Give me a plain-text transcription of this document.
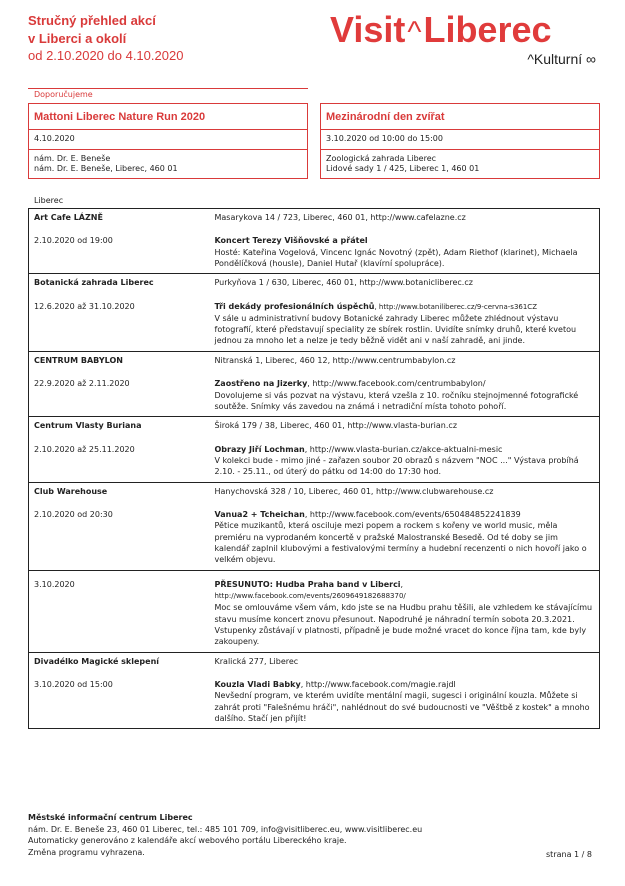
Stručný přehled akcí
v Liberci a okolí
od 2.10.2020 do 4.10.2020
Visit^Liberec
^Kulturní ∞
Doporučujeme
Mattoni Liberec Nature Run 2020
4.10.2020
nám. Dr. E. Beneše
nám. Dr. E. Beneše, Liberec, 460 01
Mezinárodní den zvířat
3.10.2020 od 10:00 do 15:00
Zoologická zahrada Liberec
Lidové sady 1 / 425, Liberec 1, 460 01
Liberec
Art Cafe LÁZNĚ	Masarykova 14 / 723, Liberec, 460 01, http://www.cafelazne.cz
2.10.2020 od 19:00	Koncert Terezy Višňovské a přátel
Hosté: Kateřina Vogelová, Vincenc Ignác Novotný (zpět), Adam Riethof (klarinet), Michaela Pondělíčková (housle), Daniel Hutař (klavírní spolupráce).
Botanická zahrada Liberec	Purkyňova 1 / 630, Liberec, 460 01, http://www.botanicliberec.cz
12.6.2020 až 31.10.2020	Tři dekády profesionálních úspěchů, http://www.botaniliberec.cz/9-cervna-s361CZ
V sále u administrativní budovy Botanické zahrady Liberec můžete zhlédnout výstavu fotografií, které představují speciality ze sbírek rostlin. Uvidíte snímky druhů, které kvetou jednou za mnoho let a nelze je tedy běžně vidět ani v naší zahradě, ani jinde.
CENTRUM BABYLON	Nitranská 1, Liberec, 460 12, http://www.centrumbabylon.cz
22.9.2020 až 2.11.2020	Zaostřeno na Jizerky, http://www.facebook.com/centrumbabylon/
Dovolujeme si vás pozvat na výstavu, která vzešla z 10. ročníku stejnojmenné fotografické soutěže. Snímky vás zavedou na známá i netradiční místa tohoto pohoří.
Centrum Vlasty Buriana	Široká 179 / 38, Liberec, 460 01, http://www.vlasta-burian.cz
2.10.2020 až 25.11.2020	Obrazy Jiří Lochman, http://www.vlasta-burian.cz/akce-aktualni-mesic
V kolekci bude - mimo jiné - zařazen soubor 20 obrazů s názvem "NOC ..." Výstava probíhá 2.10. - 25.11., od úterý do pátku od 14:00 do 17:30 hod.
Club Warehouse	Hanychovská 328 / 10, Liberec, 460 01, http://www.clubwarehouse.cz
2.10.2020 od 20:30	Vanua2 + Tcheichan, http://www.facebook.com/events/650484852241839
Pětice muzikantů, která osciluje mezi popem a rockem s kořeny ve world music, měla premiéru na vyprodaném koncertě v pražské Malostranské Besedě. Od té doby se jim kalendář zaplnil klubovými a festivalovými termíny a hudební recenzenti o nich hovoří jako o velkém objevu.
3.10.2020	PŘESUNUTO: Hudba Praha band v Liberci,
http://www.facebook.com/events/2609649182688370/
Moc se omlouváme všem vám, kdo jste se na Hudbu prahu těšili, ale vzhledem ke stávajícímu stavu musíme koncert znovu přesunout. Napodruhé je náhradní termín sobota 20.3.2021. Vstupenky zůstávají v platnosti, případně je bude možné vracet do konce října tam, kde byly zakoupeny.
Divadélko Magické sklepení	Kralická 277, Liberec
3.10.2020 od 15:00	Kouzla Vladi Babky, http://www.facebook.com/magie.rajdl
Nevšední program, ve kterém uvidíte mentální magii, sugesci i originální kouzla. Můžete si zahrát proti "Falešnému hráči", nahlédnout do své budoucnosti ve "Věštbě z kostek" a mnoho dalšího. Stačí jen přijít!
Městské informační centrum Liberec
nám. Dr. E. Beneše 23, 460 01 Liberec, tel.: 485 101 709, info@visitliberec.eu, www.visitliberec.eu
Automaticky generováno z kalendáře akcí webového portálu Libereckého kraje.
Změna programu vyhrazena.	strana 1 / 8
